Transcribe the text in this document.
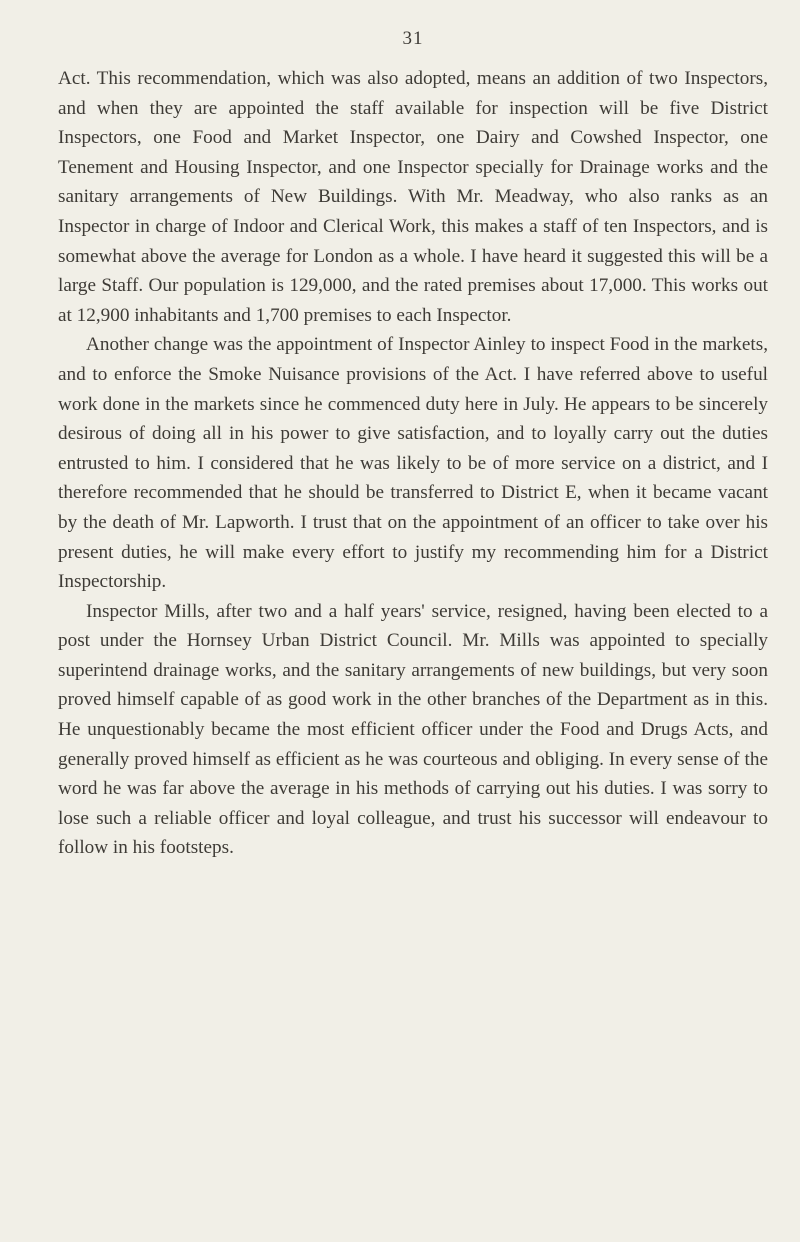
31

Act. This recommendation, which was also adopted, means an addition of two Inspectors, and when they are appointed the staff available for inspection will be five District Inspectors, one Food and Market Inspector, one Dairy and Cowshed Inspector, one Tenement and Housing Inspector, and one Inspector specially for Drainage works and the sanitary arrangements of New Buildings. With Mr. Meadway, who also ranks as an Inspector in charge of Indoor and Clerical Work, this makes a staff of ten Inspectors, and is somewhat above the average for London as a whole. I have heard it suggested this will be a large Staff. Our population is 129,000, and the rated premises about 17,000. This works out at 12,900 inhabitants and 1,700 premises to each Inspector.

Another change was the appointment of Inspector Ainley to inspect Food in the markets, and to enforce the Smoke Nuisance provisions of the Act. I have referred above to useful work done in the markets since he commenced duty here in July. He appears to be sincerely desirous of doing all in his power to give satisfaction, and to loyally carry out the duties entrusted to him. I considered that he was likely to be of more service on a district, and I therefore recommended that he should be transferred to District E, when it became vacant by the death of Mr. Lapworth. I trust that on the appointment of an officer to take over his present duties, he will make every effort to justify my recommending him for a District Inspectorship.

Inspector Mills, after two and a half years' service, resigned, having been elected to a post under the Hornsey Urban District Council. Mr. Mills was appointed to specially superintend drainage works, and the sanitary arrangements of new buildings, but very soon proved himself capable of as good work in the other branches of the Department as in this. He unquestionably became the most efficient officer under the Food and Drugs Acts, and generally proved himself as efficient as he was courteous and obliging. In every sense of the word he was far above the average in his methods of carrying out his duties. I was sorry to lose such a reliable officer and loyal colleague, and trust his successor will endeavour to follow in his footsteps.
